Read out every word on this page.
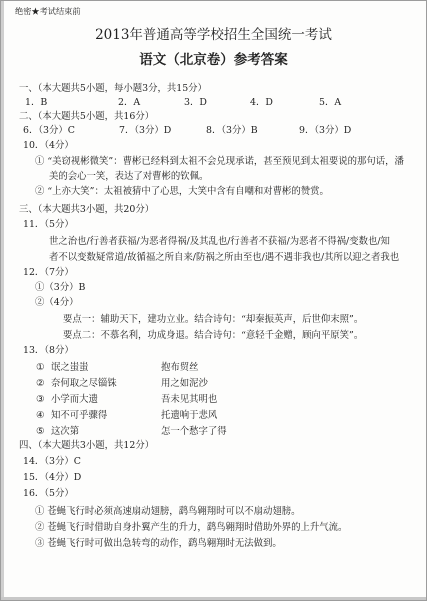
绝密★考试结束前
2013年普通高等学校招生全国统一考试
语文（北京卷）参考答案
一、（本大题共5小题，每小题3分，共15分）
1．B	2．A	3．D	4．D	5．A
二、（本大题共5小题，共16分）
6．（3分）C	7．（3分）D	8．（3分）B	9．（3分）D
10．（4分）
① “美窃视彬微笑”：曹彬已经料到太祖不会兑现承诺，甚至预见到太祖要说的那句话，潘
美的会心一笑，表达了对曹彬的钦佩。
② “上亦大笑”：太祖被猜中了心思，大笑中含有自嘲和对曹彬的赞赏。
三、（本大题共3小题，共20分）
11．（5分）
世之治也/行善者获福/为恶者得祸/及其乱也/行善者不获福/为恶者不得祸/变数也/知
者不以变数疑常道/故循福之所自来/防祸之所由至也/遇不遇非我也/其所以迎之者我也
12．（7分）
①（3分）B
②（4分）
要点一：辅助天下，建功立业。结合诗句：“却秦振英声，后世仰末照”。
要点二：不慕名利，功成身退。结合诗句：“意轻千金赠，顾向平原笑”。
13．（8分）
① 氓之蚩蚩	抱布贸丝
② 奈何取之尽锱铢	用之如泥沙
③ 小学而大遗	吾未见其明也
④ 知不可乎骤得	托遗响于悲风
⑤ 这次第	怎一个愁字了得
四、（本大题共3小题，共12分）
14．（3分）C
15．（4分）D
16．（5分）
① 苍蝇飞行时必须高速扇动翅膀，鹞鸟翱翔时可以不扇动翅膀。
② 苍蝇飞行时借助自身扑翼产生的升力，鹞鸟翱翔时借助外界的上升气流。
③ 苍蝇飞行时可做出急转弯的动作，鹞鸟翱翔时无法做到。
